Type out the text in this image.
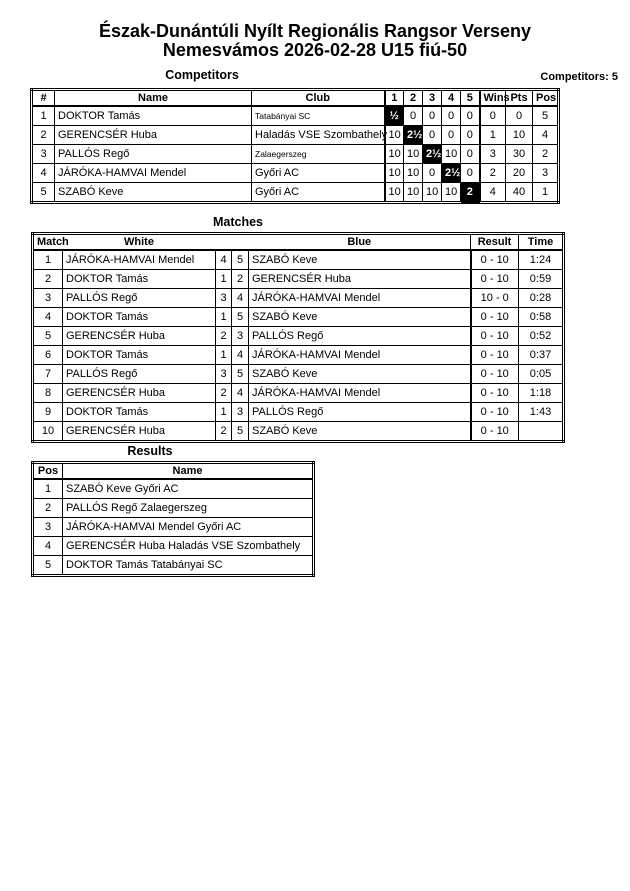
Észak-Dunántúli Nyílt Regionális Rangsor Verseny
Nemesvámos 2026-02-28 U15 fiú-50
Competitors	Competitors: 5
#	Name	Club	1	2	3	4	5	Wins	Pts	Pos
1	DOKTOR Tamás	Tatabányai SC	½	0	0	0	0	0	0	5
2	GERENCSÉR Huba	Haladás VSE Szombathely	10	2½	0	0	0	1	10	4
3	PALLÓS Regő	Zalaegerszeg	10	10	2½	10	0	3	30	2
4	JÁRÓKA-HAMVAI Mendel	Győri AC	10	10	0	2½	0	2	20	3
5	SZABÓ Keve	Győri AC	10	10	10	10	2	4	40	1
Matches
Match	White			Blue	Result	Time
1	JÁRÓKA-HAMVAI Mendel	4	5	SZABÓ Keve	0 - 10	1:24
2	DOKTOR Tamás	1	2	GERENCSÉR Huba	0 - 10	0:59
3	PALLÓS Regő	3	4	JÁRÓKA-HAMVAI Mendel	10 - 0	0:28
4	DOKTOR Tamás	1	5	SZABÓ Keve	0 - 10	0:58
5	GERENCSÉR Huba	2	3	PALLÓS Regő	0 - 10	0:52
6	DOKTOR Tamás	1	4	JÁRÓKA-HAMVAI Mendel	0 - 10	0:37
7	PALLÓS Regő	3	5	SZABÓ Keve	0 - 10	0:05
8	GERENCSÉR Huba	2	4	JÁRÓKA-HAMVAI Mendel	0 - 10	1:18
9	DOKTOR Tamás	1	3	PALLÓS Regő	0 - 10	1:43
10	GERENCSÉR Huba	2	5	SZABÓ Keve	0 - 10	
Results
Pos	Name
1	SZABÓ Keve Győri AC
2	PALLÓS Regő Zalaegerszeg
3	JÁRÓKA-HAMVAI Mendel Győri AC
4	GERENCSÉR Huba Haladás VSE Szombathely
5	DOKTOR Tamás Tatabányai SC
